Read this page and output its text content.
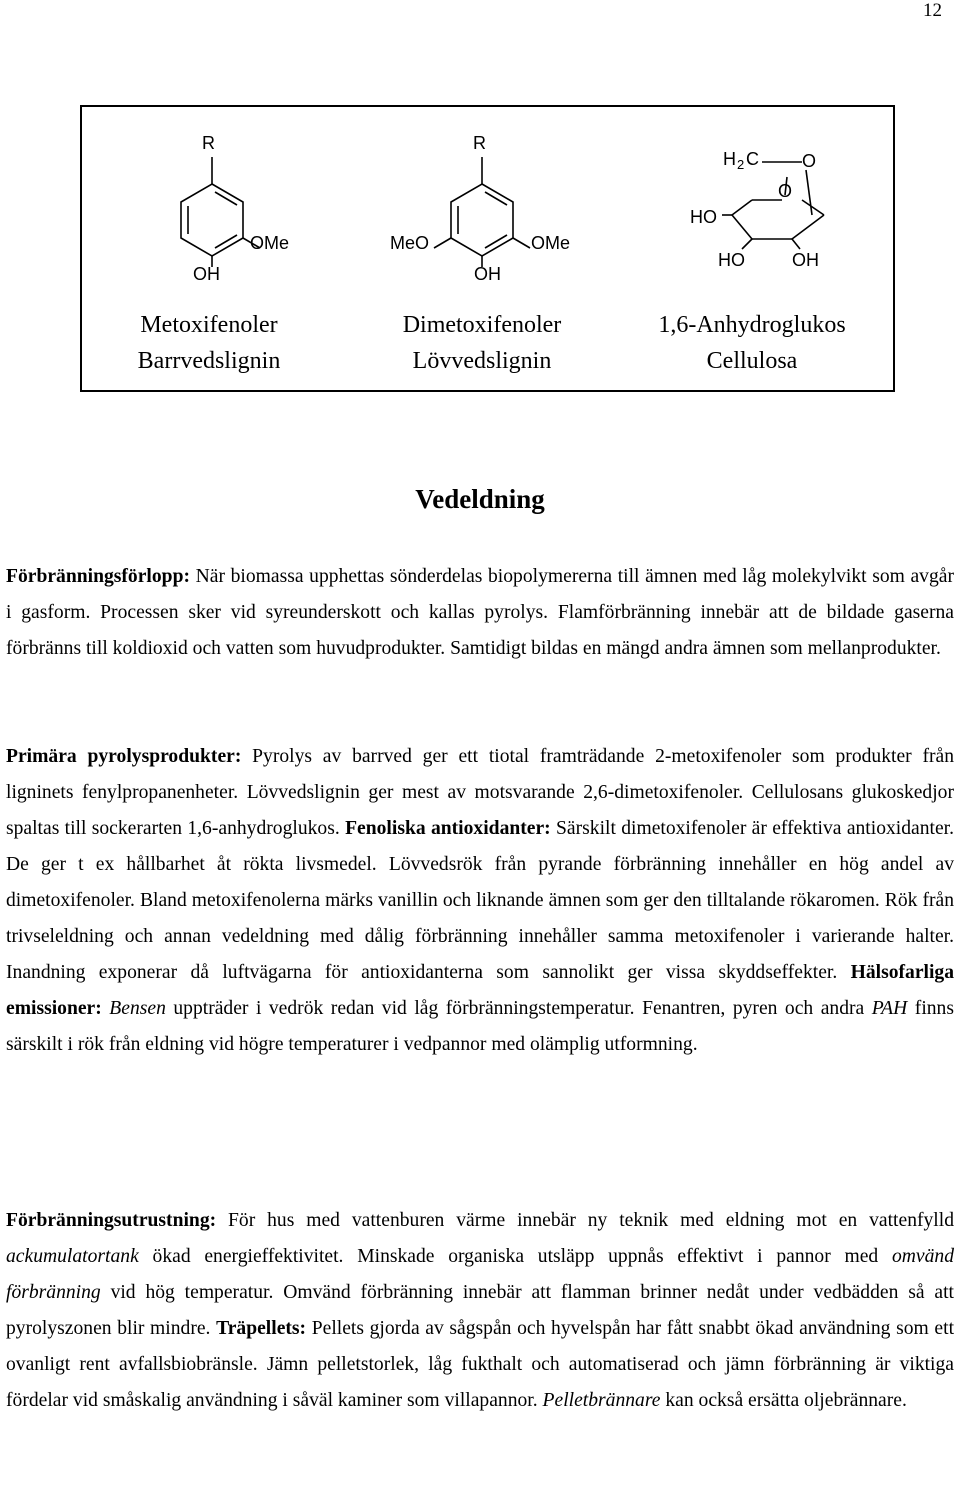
12
R
OMe
OH
R
MeO	OMe
OH
H 2 C O
O
HO
HO	OH
Metoxifenoler
Barrvedslignin
Dimetoxifenoler
Lövvedslignin
1,6-Anhydroglukos
Cellulosa
Vedeldning

Förbränningsförlopp: När biomassa upphettas sönderdelas biopolymererna till ämnen med låg molekylvikt som avgår i gasform. Processen sker vid syreunderskott och kallas pyrolys. Flamförbränning innebär att de bildade gaserna förbränns till koldioxid och vatten som huvudprodukter. Samtidigt bildas en mängd andra ämnen som mellanprodukter.

Primära pyrolysprodukter: Pyrolys av barrved ger ett tiotal framträdande 2-metoxifenoler som produkter från ligninets fenylpropanenheter. Lövvedslignin ger mest av motsvarande 2,6-dimetoxifenoler. Cellulosans glukoskedjor spaltas till sockerarten 1,6-anhydroglukos. Fenoliska antioxidanter: Särskilt dimetoxifenoler är effektiva antioxidanter. De ger t ex hållbarhet åt rökta livsmedel. Lövvedsrök från pyrande förbränning innehåller en hög andel av dimetoxifenoler. Bland metoxifenolerna märks vanillin och liknande ämnen som ger den tilltalande rökaromen. Rök från trivseleldning och annan vedeldning med dålig förbränning innehåller samma metoxifenoler i varierande halter. Inandning exponerar då luftvägarna för antioxidanterna som sannolikt ger vissa skyddseffekter. Hälsofarliga emissioner: Bensen uppträder i vedrök redan vid låg förbränningstemperatur. Fenantren, pyren och andra PAH finns särskilt i rök från eldning vid högre temperaturer i vedpannor med olämplig utformning.

Förbränningsutrustning: För hus med vattenburen värme innebär ny teknik med eldning mot en vattenfylld ackumulatortank ökad energieffektivitet. Minskade organiska utsläpp uppnås effektivt i pannor med omvänd förbränning vid hög temperatur. Omvänd förbränning innebär att flamman brinner nedåt under vedbädden så att pyrolyszonen blir mindre. Träpellets: Pellets gjorda av sågspån och hyvelspån har fått snabbt ökad användning som ett ovanligt rent avfallsbiobränsle. Jämn pelletstorlek, låg fukthalt och automatiserad och jämn förbränning är viktiga fördelar vid småskalig användning i såväl kaminer som villapannor. Pelletbrännare kan också ersätta oljebrännare.
